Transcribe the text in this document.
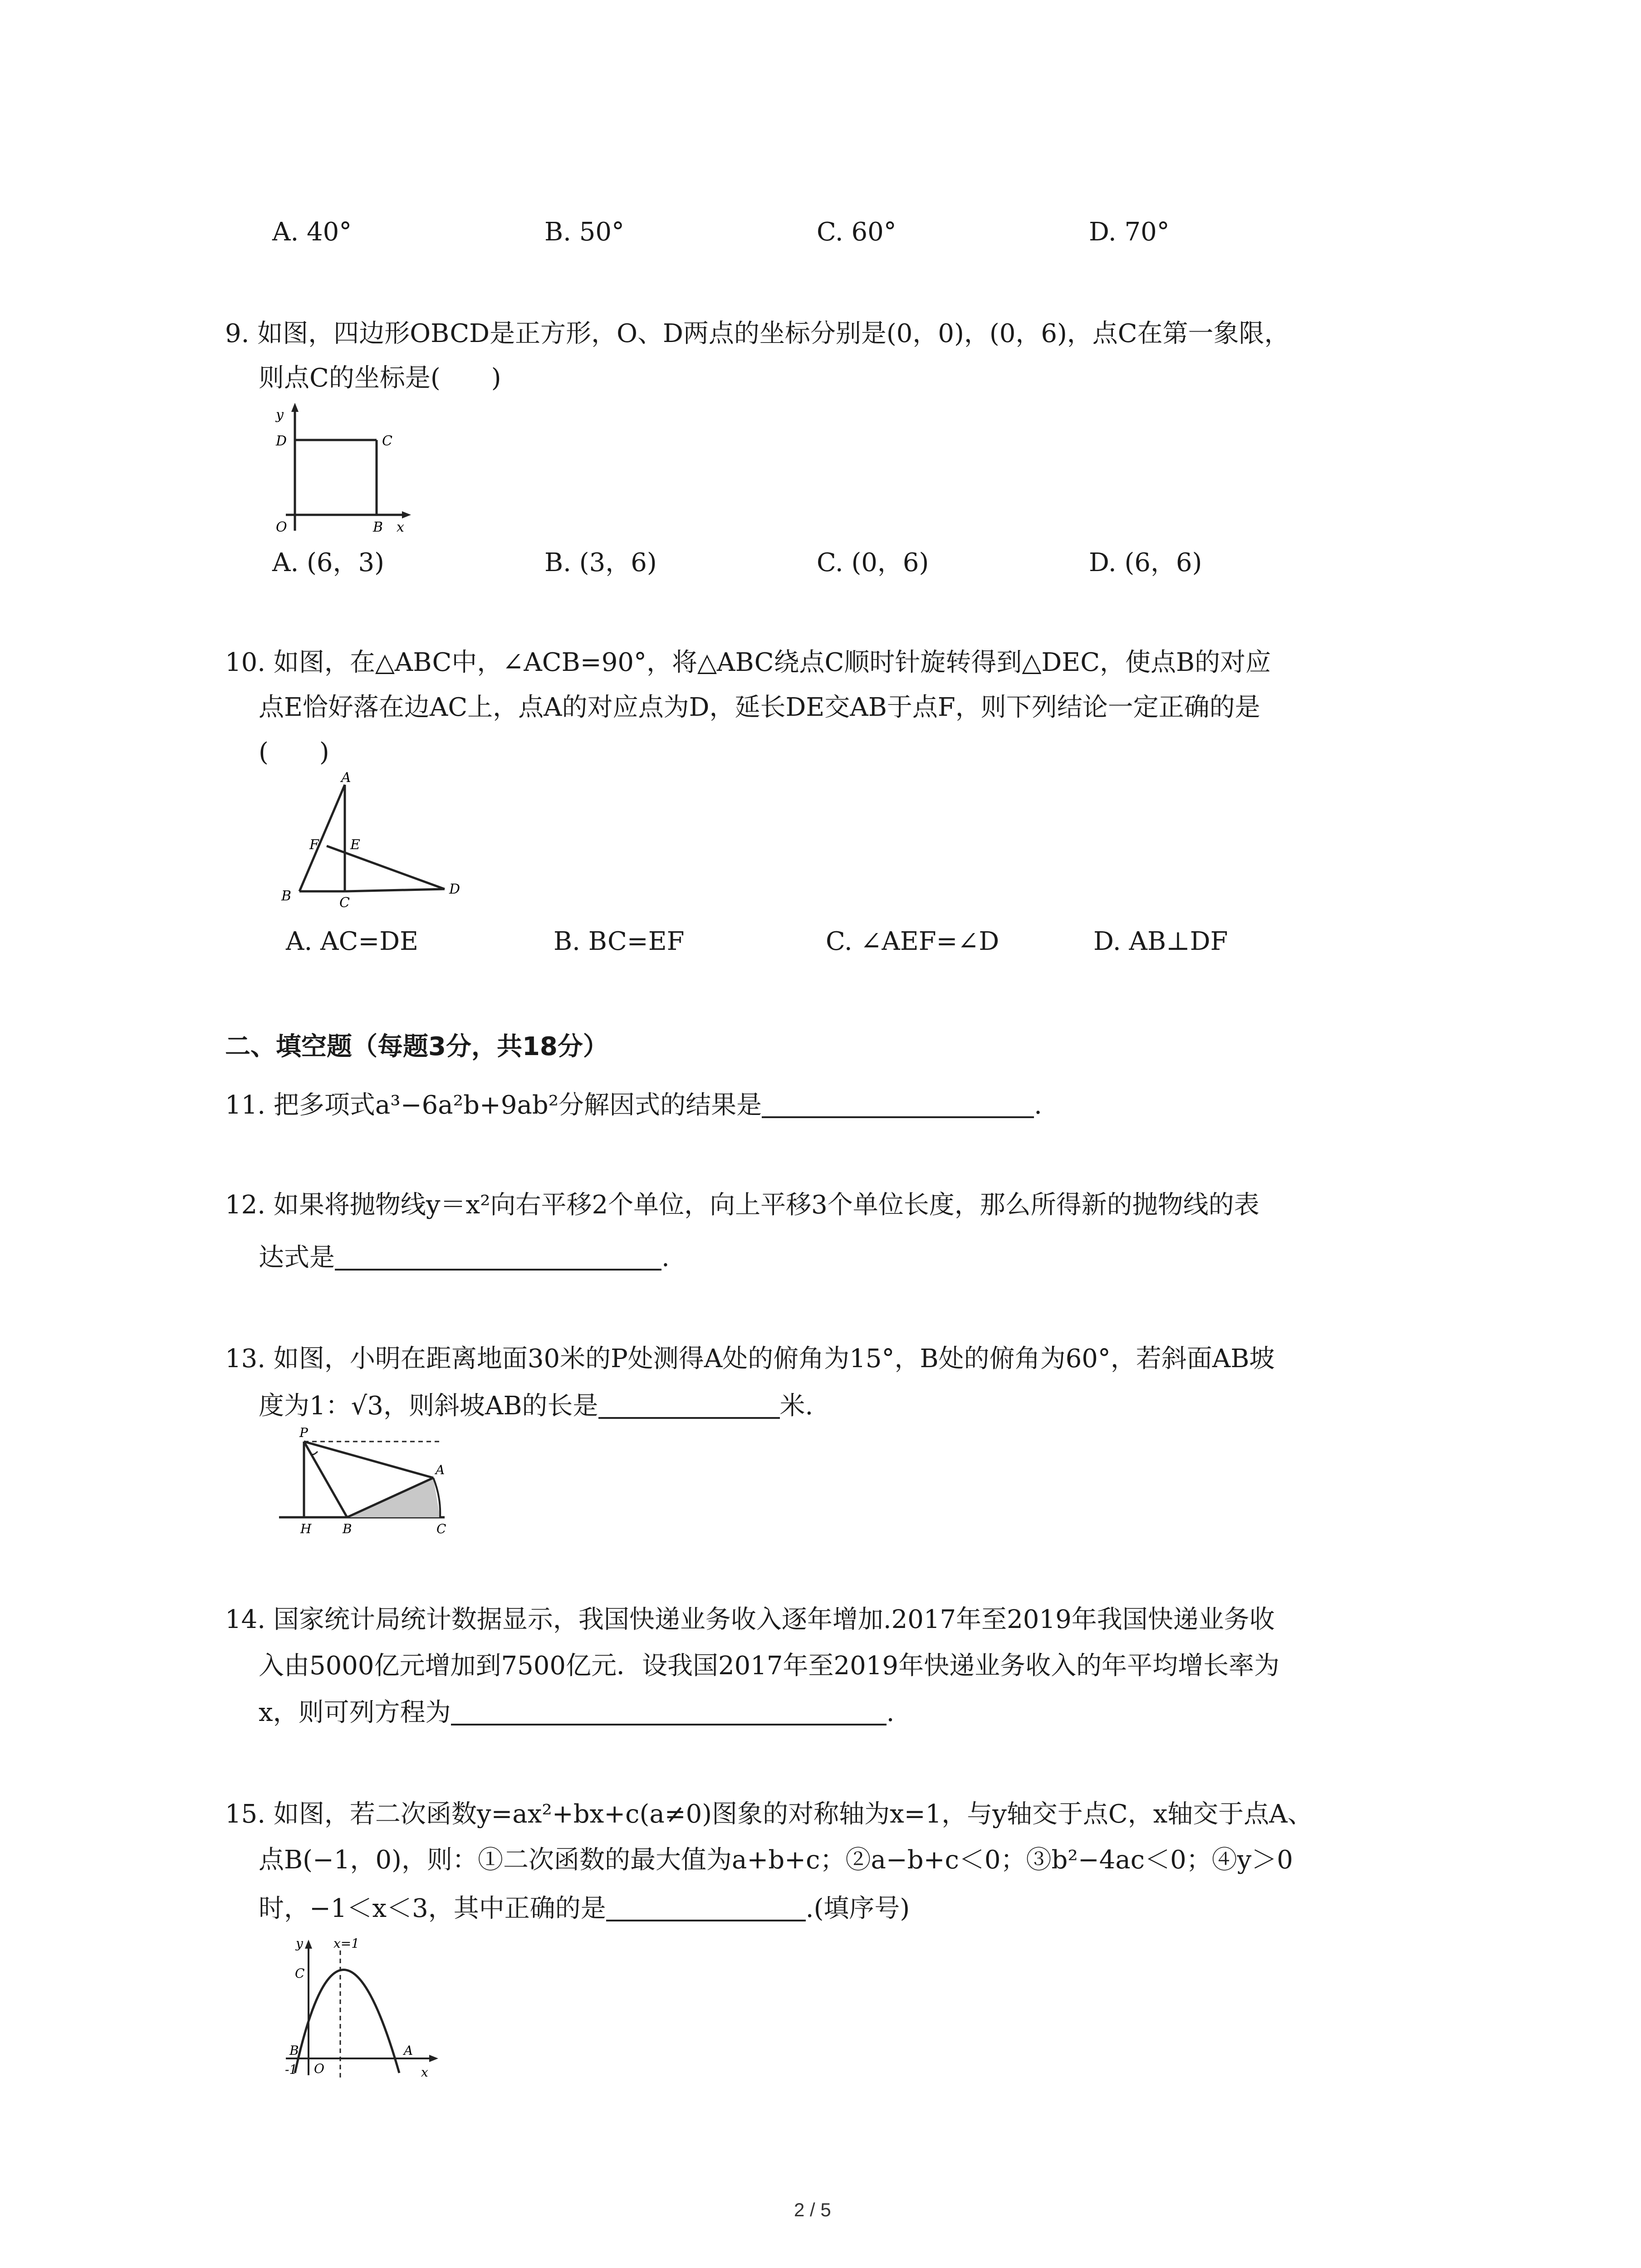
A. 40°	B. 50°	C. 60°	D. 70°
9. 如图，四边形OBCD是正方形，O、D两点的坐标分别是(0，0)，(0，6)，点C在第一象限，
则点C的坐标是(　　)
y
D	C
O	B x
A. (6，3)	B. (3，6)	C. (0，6)	D. (6，6)
10. 如图，在△ABC中，∠ACB=90°，将△ABC绕点C顺时针旋转得到△DEC，使点B的对应
点E恰好落在边AC上，点A的对应点为D，延长DE交AB于点F，则下列结论一定正确的是
(　　)
A
F E
B	C
D
A. AC=DE	B. BC=EF	C. ∠AEF=∠D	D. AB⊥DF
二、填空题（每题3分，共18分）
11. 把多项式a³−6a²b+9ab²分解因式的结果是	.
12. 如果将抛物线y＝x²向右平移2个单位，向上平移3个单位长度，那么所得新的抛物线的表
达式是	.
13. 如图，小明在距离地面30米的P处测得A处的俯角为15°，B处的俯角为60°，若斜面AB坡
度为1：√3，则斜坡AB的长是	米.
P
A
H B	C
14. 国家统计局统计数据显示，我国快递业务收入逐年增加.2017年至2019年我国快递业务收
入由5000亿元增加到7500亿元．设我国2017年至2019年快递业务收入的年平均增长率为
x，则可列方程为	.
15. 如图，若二次函数y=ax²+bx+c(a≠0)图象的对称轴为x=1，与y轴交于点C，x轴交于点A、
点B(−1，0)，则：①二次函数的最大值为a+b+c；②a−b+c＜0；③b²−4ac＜0；④y＞0
时，−1＜x＜3，其中正确的是	.(填序号)
y x=1
C
B	A
O
-1	x
2 / 5
